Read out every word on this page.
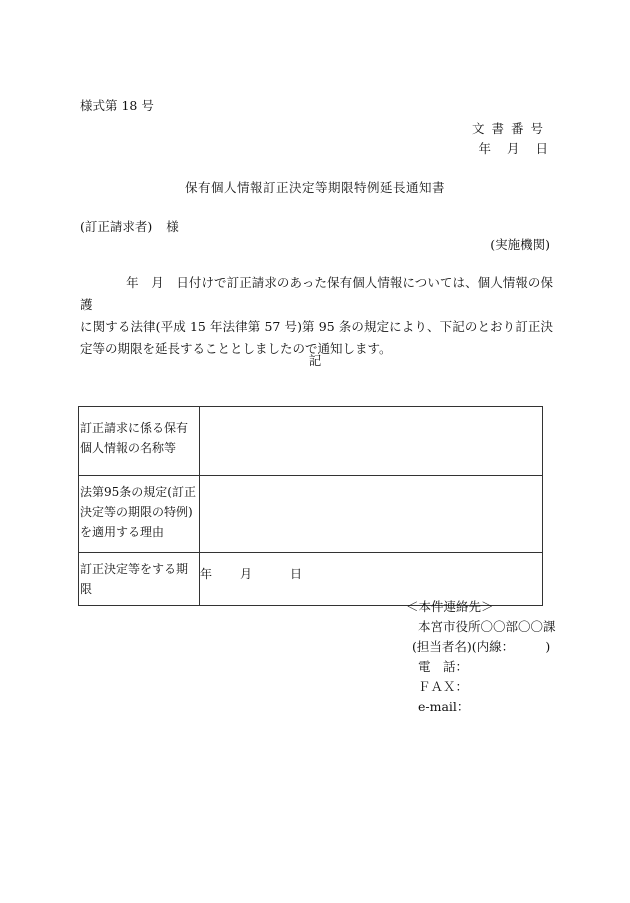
様式第 18 号
文書番号
年 月 日
保有個人情報訂正決定等期限特例延長通知書
(訂正請求者) 様
(実施機関)
年　月　日付けで訂正請求のあった保有個人情報については、個人情報の保護
に関する法律(平成 15 年法律第 57 号)第 95 条の規定により、下記のとおり訂正決定等の期限を延長することとしましたので通知します。
記
訂正請求に係る保有個人情報の名称等	
法第95条の規定(訂正決定等の期限の特例)を適用する理由	
訂正決定等をする期限	年 月 日
＜本件連絡先＞
本宮市役所〇〇部〇〇課
(担当者名)(内線：　　　)
電　話：
ＦＡＸ：
e-mail：
